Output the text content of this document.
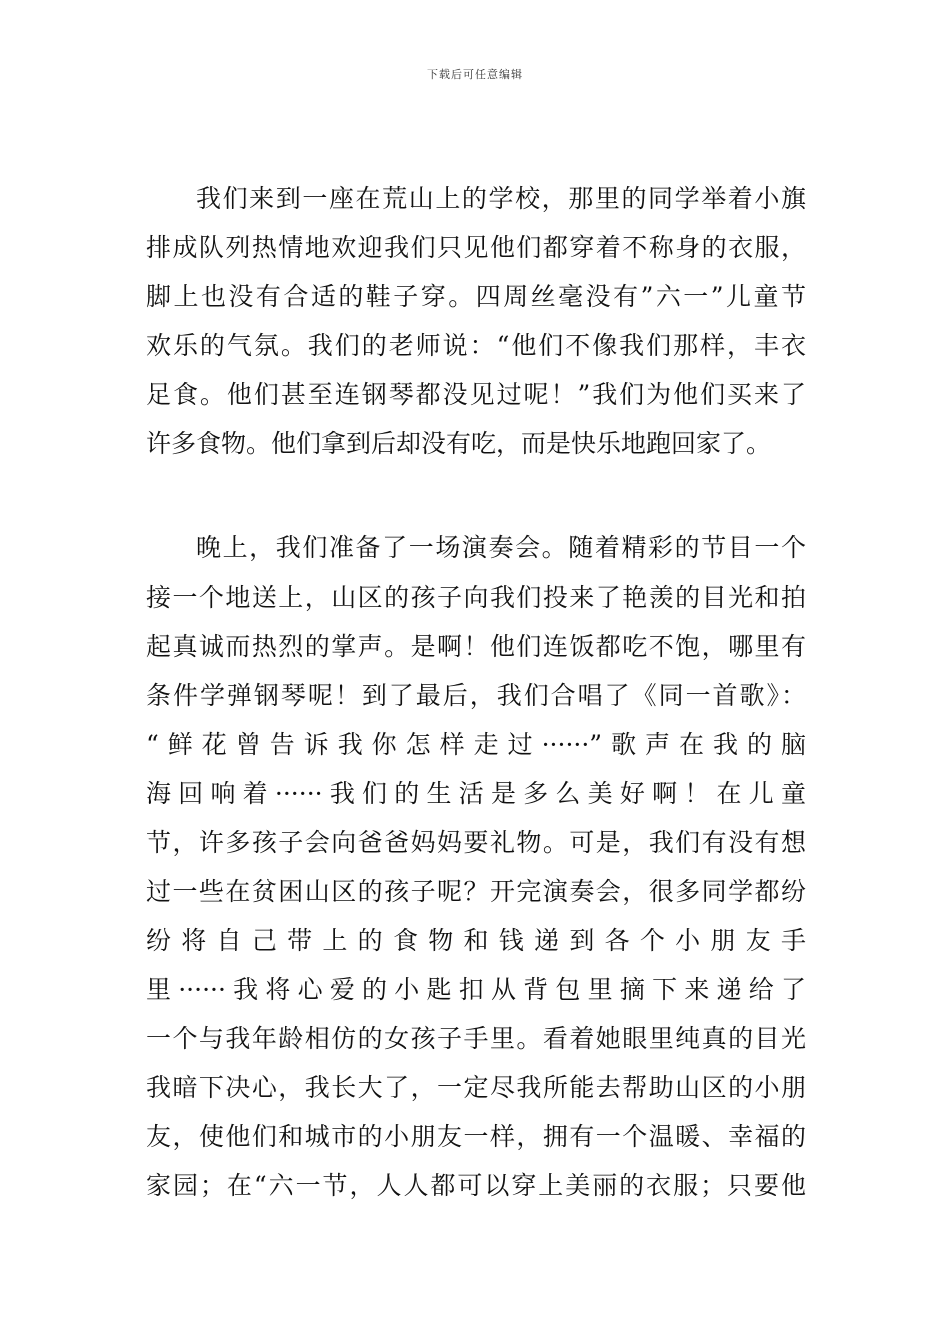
下载后可任意编辑
我们来到一座在荒山上的学校，那里的同学举着小旗
排成队列热情地欢迎我们只见他们都穿着不称身的衣服，
脚上也没有合适的鞋子穿。四周丝毫没有”六一”儿童节
欢乐的气氛。我们的老师说：“他们不像我们那样，丰衣
足食。他们甚至连钢琴都没见过呢！”我们为他们买来了
许多食物。他们拿到后却没有吃，而是快乐地跑回家了。
晚上，我们准备了一场演奏会。随着精彩的节目一个
接一个地送上，山区的孩子向我们投来了艳羡的目光和拍
起真诚而热烈的掌声。是啊！他们连饭都吃不饱，哪里有
条件学弹钢琴呢！到了最后，我们合唱了《同一首歌》：
“鲜花曾告诉我你怎样走过······”歌声在我的脑
海回响着······我们的生活是多么美好啊！在儿童
节，许多孩子会向爸爸妈妈要礼物。可是，我们有没有想
过一些在贫困山区的孩子呢？开完演奏会，很多同学都纷
纷将自己带上的食物和钱递到各个小朋友手
里······我将心爱的小匙扣从背包里摘下来递给了
一个与我年龄相仿的女孩子手里。看着她眼里纯真的目光
我暗下决心，我长大了，一定尽我所能去帮助山区的小朋
友，使他们和城市的小朋友一样，拥有一个温暖、幸福的
家园；在“六一节，人人都可以穿上美丽的衣服；只要他
